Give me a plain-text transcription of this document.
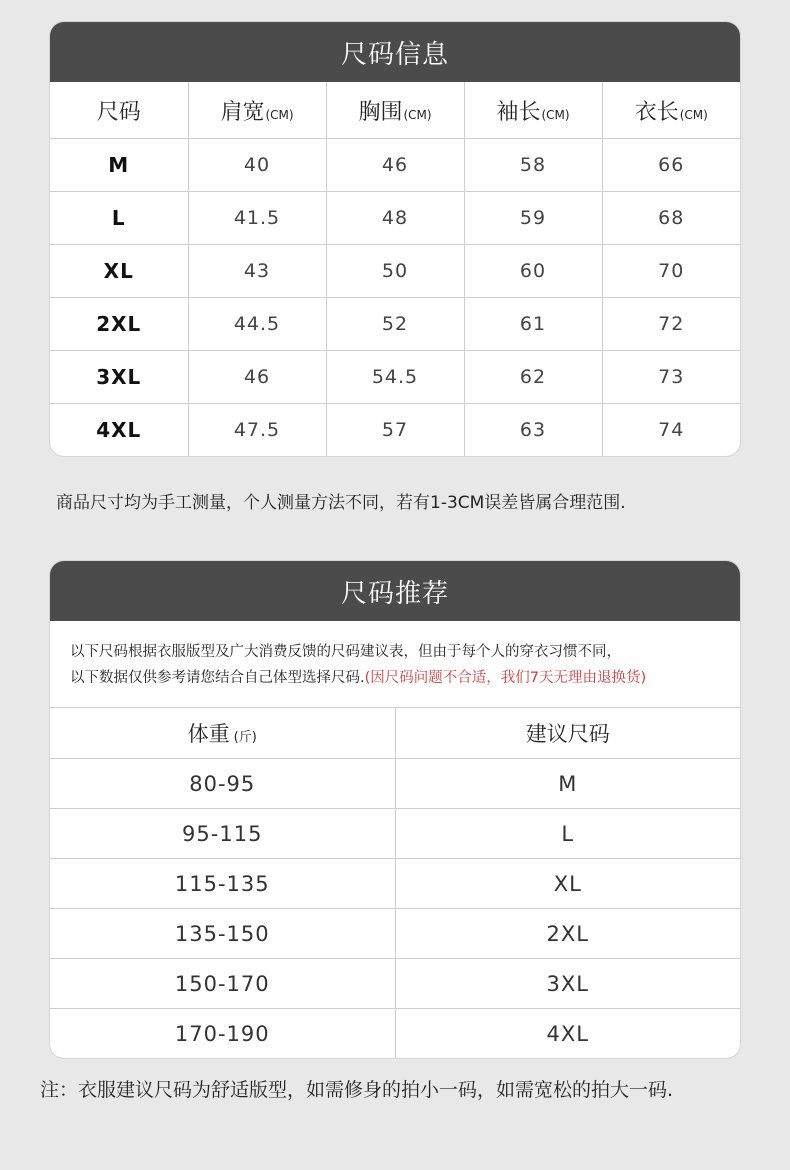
尺码信息
尺码	肩宽(CM)	胸围(CM)	袖长(CM)	衣长(CM)
M	40	46	58	66
L	41.5	48	59	68
XL	43	50	60	70
2XL	44.5	52	61	72
3XL	46	54.5	62	73
4XL	47.5	57	63	74
商品尺寸均为手工测量，个人测量方法不同，若有1-3CM误差皆属合理范围.
尺码推荐
以下尺码根据衣服版型及广大消费反馈的尺码建议表，但由于每个人的穿衣习惯不同，
以下数据仅供参考请您结合自己体型选择尺码.(因尺码问题不合适，我们7天无理由退换货)
体重 (斤)	建议尺码
80-95	M
95-115	L
115-135	XL
135-150	2XL
150-170	3XL
170-190	4XL
注：衣服建议尺码为舒适版型，如需修身的拍小一码，如需宽松的拍大一码.
